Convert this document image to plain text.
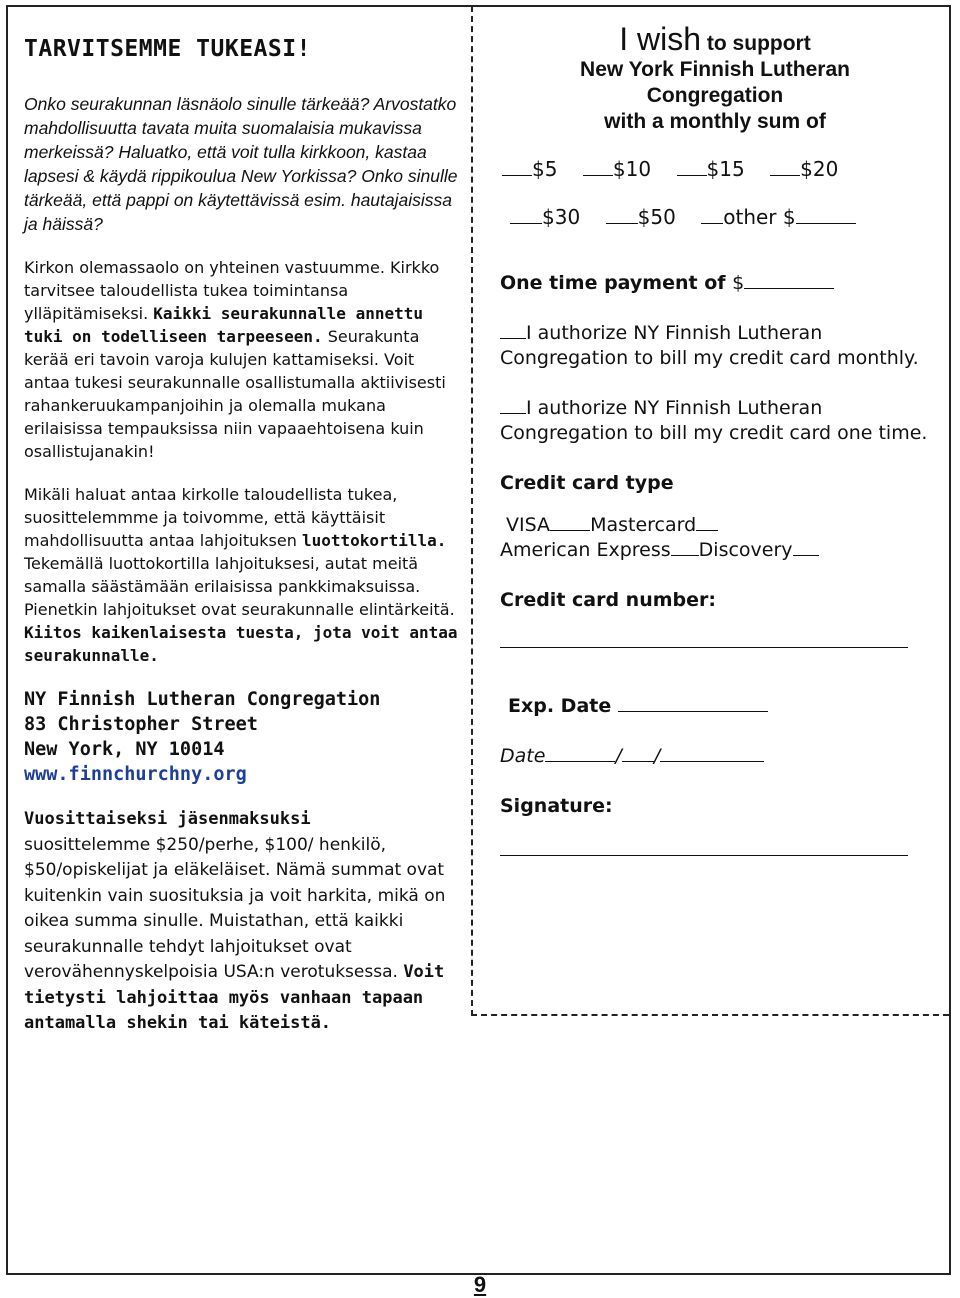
TARVITSEMME TUKEASI!

Onko seurakunnan läsnäolo sinulle tärkeää? Arvostatko mahdollisuutta tavata muita suomalaisia mukavissa merkeissä? Haluatko, että voit tulla kirkkoon, kastaa lapsesi & käydä rippikoulua New Yorkissa? Onko sinulle tärkeää, että pappi on käytettävissä esim. hautajaisissa ja häissä?

Kirkon olemassaolo on yhteinen vastuumme. Kirkko tarvitsee taloudellista tukea toimintansa ylläpitämiseksi. Kaikki seurakunnalle annettu tuki on todelliseen tarpeeseen. Seurakunta kerää eri tavoin varoja kulujen kattamiseksi. Voit antaa tukesi seurakunnalle osallistumalla aktiivisesti rahankeruukampanjoihin ja olemalla mukana erilaisissa tempauksissa niin vapaaehtoisena kuin osallistujanakin!

Mikäli haluat antaa kirkolle taloudellista tukea, suosittelemmme ja toivomme, että käyttäisit mahdollisuutta antaa lahjoituksen luottokortilla. Tekemällä luottokortilla lahjoituksesi, autat meitä samalla säästämään erilaisissa pankkimaksuissa. Pienetkin lahjoitukset ovat seurakunnalle elintärkeitä. Kiitos kaikenlaisesta tuesta, jota voit antaa seurakunnalle.

NY Finnish Lutheran Congregation
83 Christopher Street
New York, NY 10014
www.finnchurchny.org

Vuosittaiseksi jäsenmaksuksi
suosittelemme $250/perhe, $100/ henkilö, $50/opiskelijat ja eläkeläiset. Nämä summat ovat kuitenkin vain suosituksia ja voit harkita, mikä on oikea summa sinulle. Muistathan, että kaikki seurakunnalle tehdyt lahjoitukset ovat verovähennyskelpoisia USA:n verotuksessa. Voit tietysti lahjoittaa myös vanhaan tapaan antamalla shekin tai käteistä.

I wish to support
New York Finnish Lutheran
Congregation
with a monthly sum of
$5	$10	$15	$20
$30	$50 other $
One time payment of $
I authorize NY Finnish Lutheran Congregation to bill my credit card monthly.
I authorize NY Finnish Lutheran Congregation to bill my credit card one time.
Credit card type
VISA Mastercard
American Express Discovery
Credit card number:
Exp. Date
Date	/ /
Signature:
9
